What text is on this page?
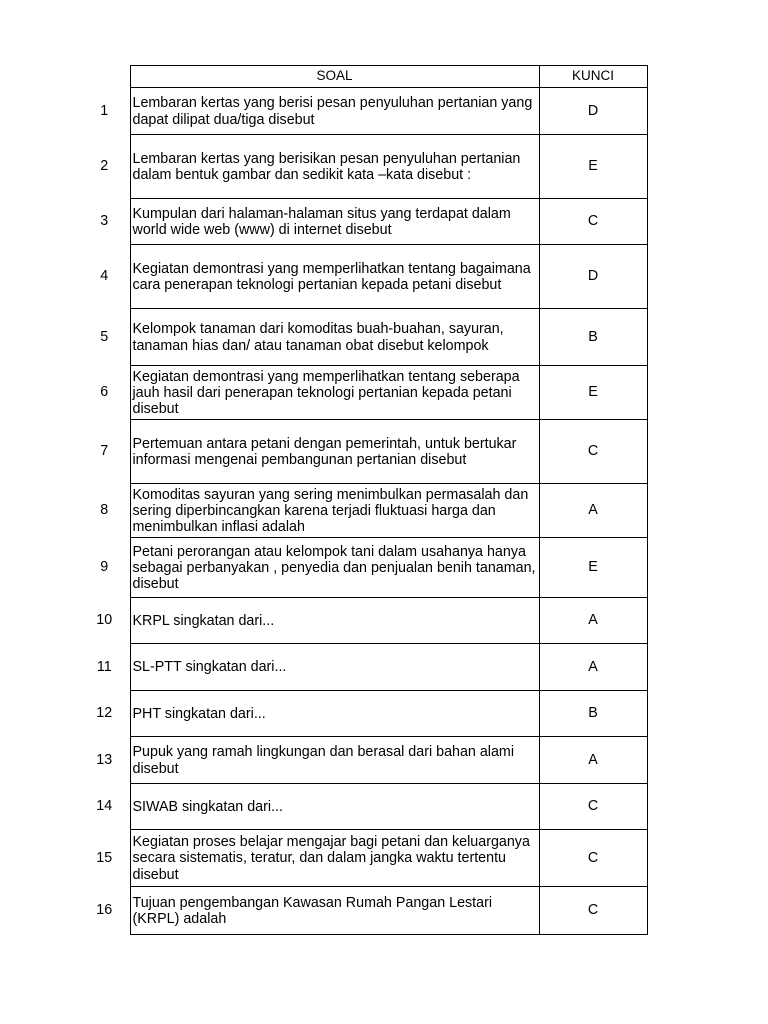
	SOAL	KUNCI
1	Lembaran kertas yang berisi pesan penyuluhan pertanian yang dapat dilipat dua/tiga disebut	D
2	Lembaran kertas yang berisikan pesan penyuluhan pertanian dalam bentuk gambar dan sedikit kata –kata disebut :	E
3	Kumpulan dari halaman-halaman situs yang terdapat dalam world wide web (www) di internet disebut	C
4	Kegiatan demontrasi yang memperlihatkan tentang bagaimana cara penerapan teknologi pertanian kepada petani disebut	D
5	Kelompok tanaman dari komoditas buah-buahan, sayuran, tanaman hias dan/ atau tanaman obat disebut kelompok	B
6	Kegiatan demontrasi yang memperlihatkan tentang seberapa jauh hasil dari penerapan teknologi pertanian kepada petani disebut	E
7	Pertemuan antara petani dengan pemerintah, untuk bertukar informasi mengenai pembangunan pertanian disebut	C
8	Komoditas sayuran yang sering menimbulkan permasalah dan sering diperbincangkan karena terjadi fluktuasi harga dan menimbulkan inflasi adalah	A
9	Petani perorangan atau kelompok tani dalam usahanya hanya sebagai perbanyakan , penyedia dan penjualan benih tanaman, disebut	E
10	KRPL singkatan dari...	A
11	SL-PTT singkatan dari...	A
12	PHT singkatan dari...	B
13	Pupuk yang ramah lingkungan dan berasal dari bahan alami disebut	A
14	SIWAB singkatan dari...	C
15	Kegiatan proses belajar mengajar bagi petani dan keluarganya secara sistematis, teratur, dan dalam jangka waktu tertentu disebut	C
16	Tujuan pengembangan Kawasan Rumah Pangan Lestari (KRPL) adalah	C
